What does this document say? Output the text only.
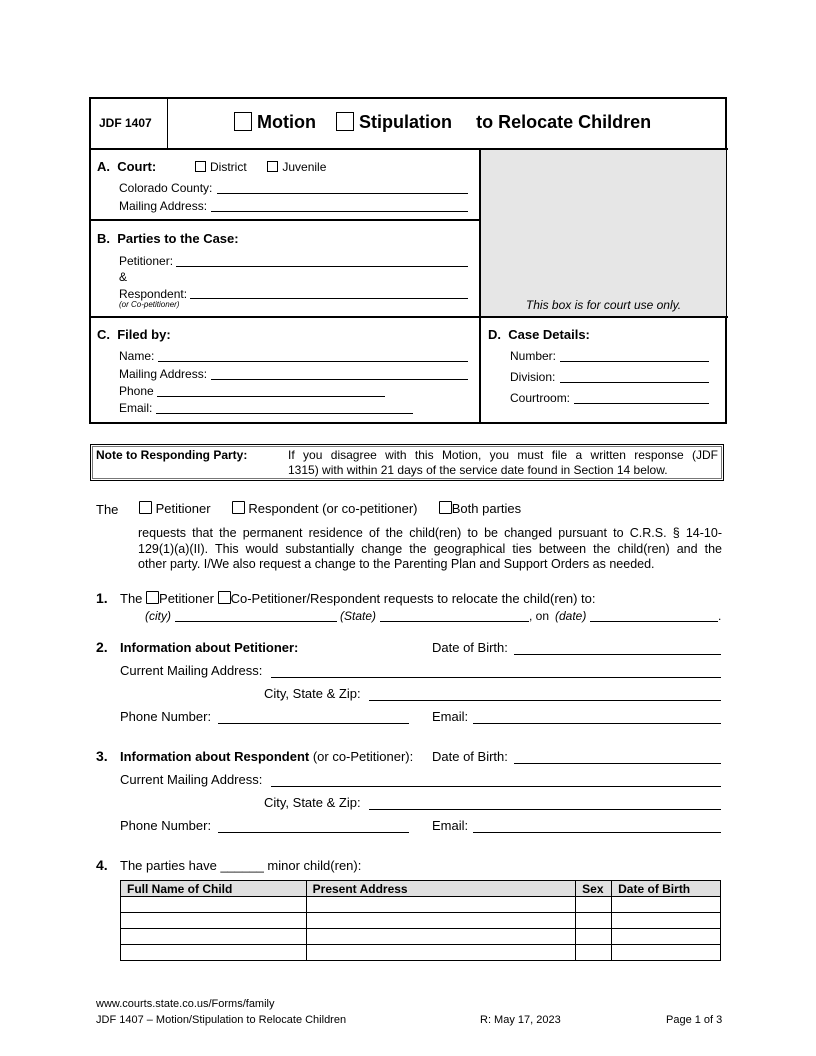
JDF 1407	Motion Stipulation to Relocate Children
This box is for court use only.
A.  Court:	District	Juvenile
Colorado County:
Mailing Address:
B.  Parties to the Case:
Petitioner:
&
Respondent:
(or Co-petitioner)
C.  Filed by:
Name:
Mailing Address:
Phone
Email:
D.  Case Details:
Number:
Division:
Courtroom:
Note to Responding Party:	If you disagree with this Motion, you must file a written response (JDF
1315) with within 21 days of the service date found in Section 14 below.
The	Petitioner	Respondent (or co-petitioner)	Both parties
requests that the permanent residence of the child(ren) to be changed pursuant to C.R.S. § 14-10-
129(1)(a)(II). This would substantially change the geographical ties between the child(ren) and the
other party. I/We also request a change to the Parenting Plan and Support Orders as needed.
1. The Petitioner Co-Petitioner/Respondent requests to relocate the child(ren) to:
(city)	(State)	, on (date)	.
2. Information about Petitioner:	Date of Birth:
Current Mailing Address:
City, State & Zip:
Phone Number:	Email:
3. Information about Respondent (or co-Petitioner): Date of Birth:
Current Mailing Address:
City, State & Zip:
Phone Number:	Email:
4. The parties have ______ minor child(ren):
Full Name of Child	Present Address	Sex	Date of Birth

www.courts.state.co.us/Forms/family
JDF 1407 – Motion/Stipulation to Relocate Children	R: May 17, 2023	Page 1 of 3
